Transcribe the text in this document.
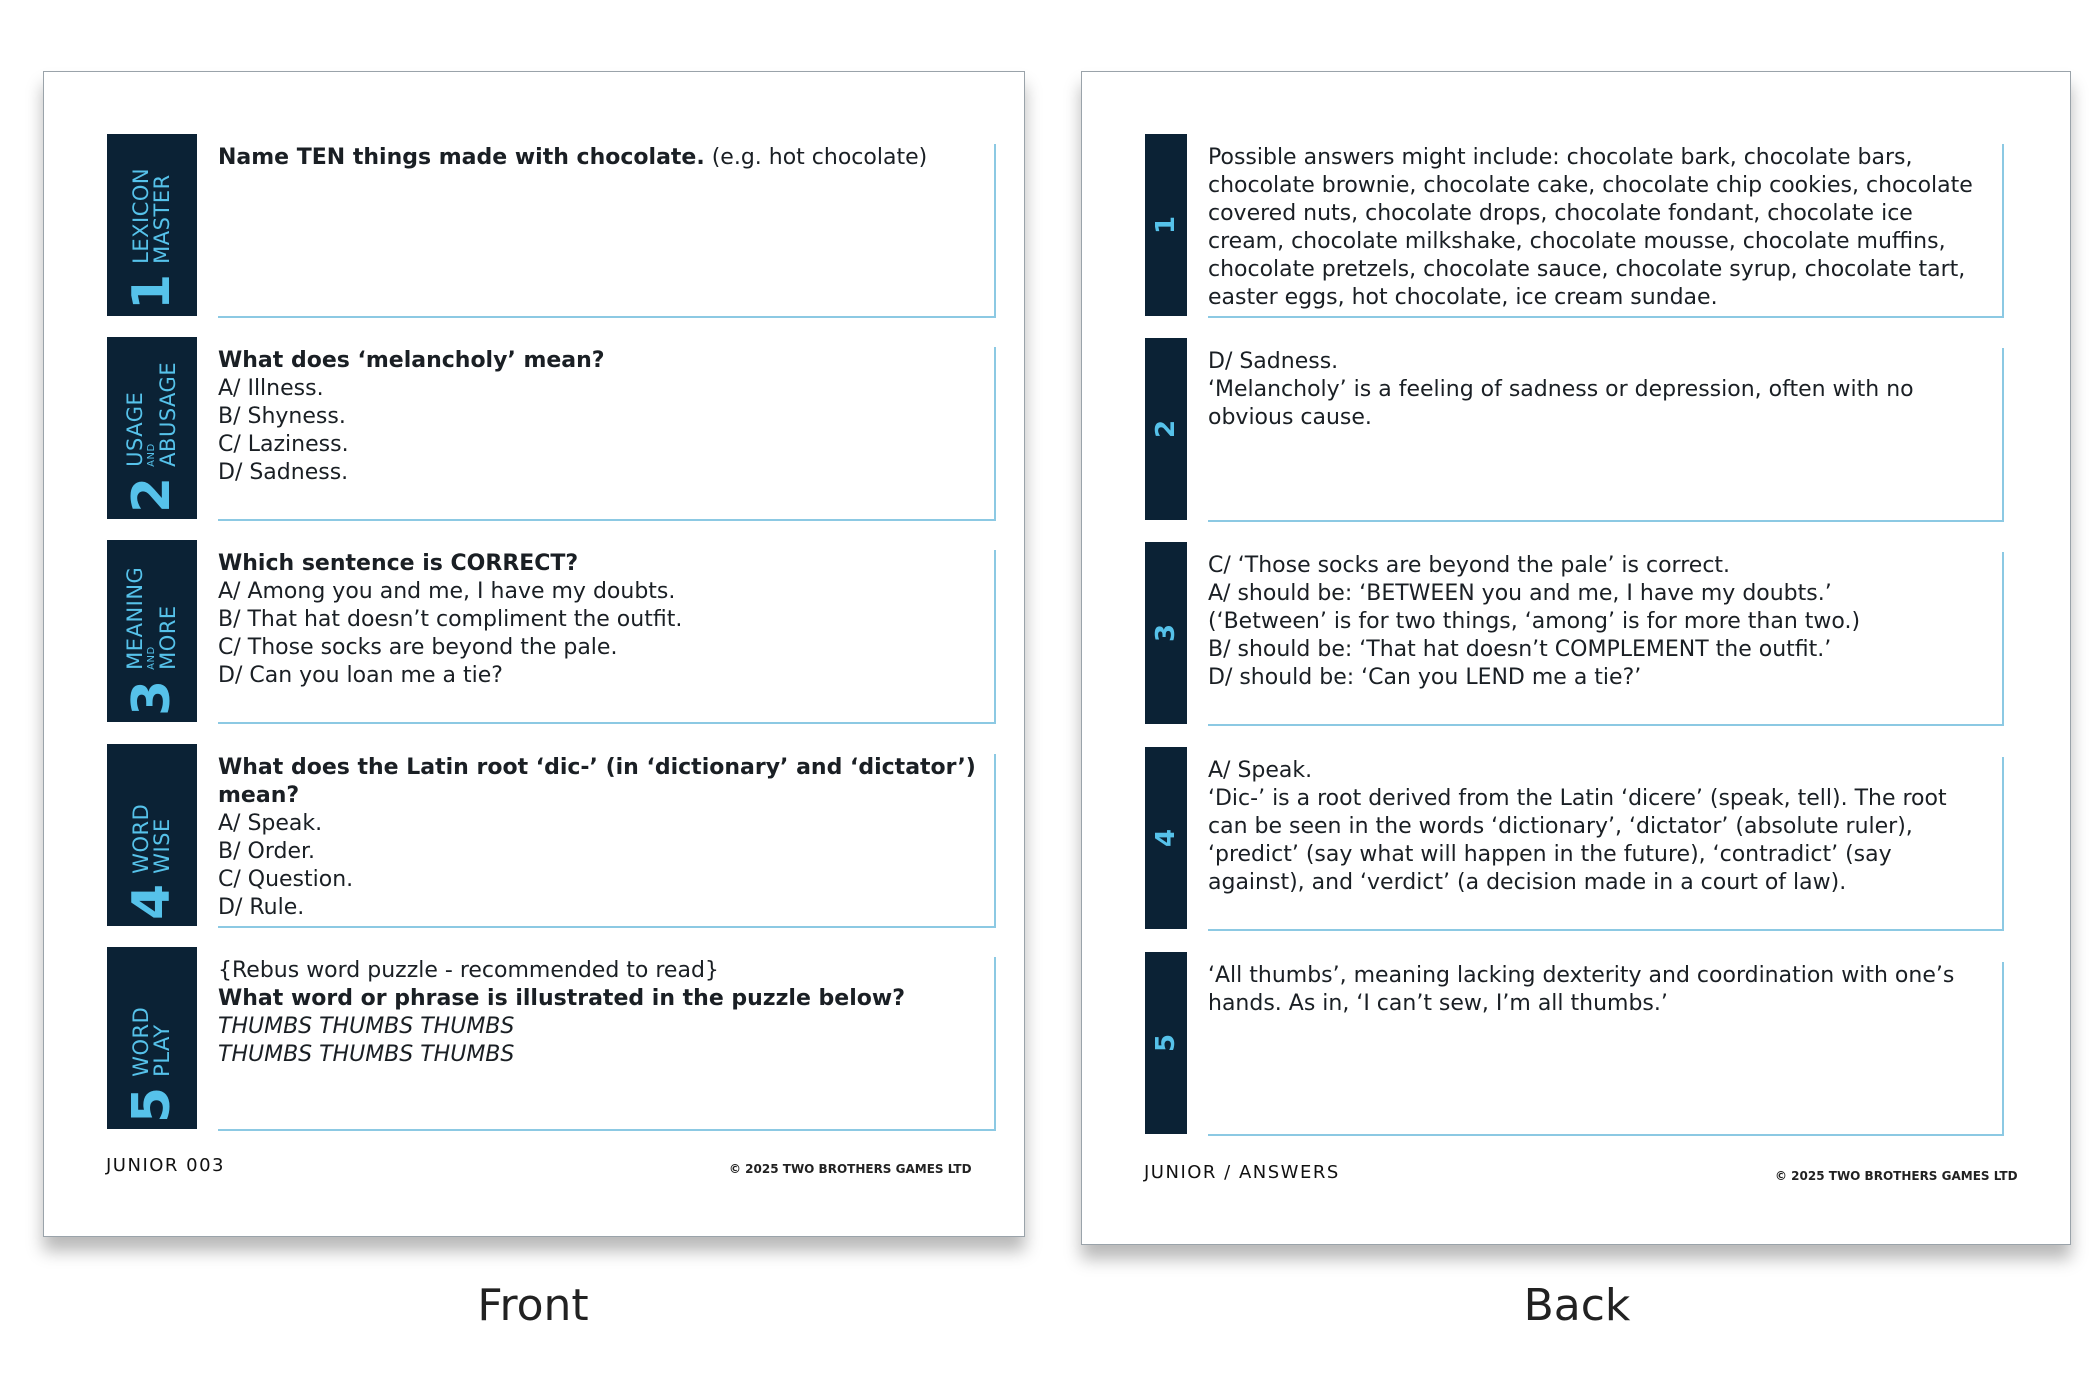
1
LEXICON
MASTER

Name TEN things made with chocolate. (e.g. hot chocolate)

2
USAGE AND ABUSAGE

What does ‘melancholy’ mean?

A/ Illness.

B/ Shyness.

C/ Laziness.

D/ Sadness.

3
MEANING AND MORE

Which sentence is CORRECT?

A/ Among you and me, I have my doubts.

B/ That hat doesn’t compliment the outfit.

C/ Those socks are beyond the pale.

D/ Can you loan me a tie?

4
WORD
WISE

What does the Latin root ‘dic-’ (in ‘dictionary’ and ‘dictator’) mean?

A/ Speak.

B/ Order.

C/ Question.

D/ Rule.

5
WORD
PLAY

{Rebus word puzzle - recommended to read}

What word or phrase is illustrated in the puzzle below?

THUMBS THUMBS THUMBS

THUMBS THUMBS THUMBS

JUNIOR 003	© 2025 TWO BROTHERS GAMES LTD
1

Possible answers might include: chocolate bark, chocolate bars, chocolate brownie, chocolate cake, chocolate chip cookies, chocolate covered nuts, chocolate drops, chocolate fondant, chocolate ice cream, chocolate milkshake, chocolate mousse, chocolate muffins, chocolate pretzels, chocolate sauce, chocolate syrup, chocolate tart, easter eggs, hot chocolate, ice cream sundae.

2

D/ Sadness.

‘Melancholy’ is a feeling of sadness or depression, often with no obvious cause.

3

C/ ‘Those socks are beyond the pale’ is correct.

A/ should be: ‘BETWEEN you and me, I have my doubts.’

(‘Between’ is for two things, ‘among’ is for more than two.)

B/ should be: ‘That hat doesn’t COMPLEMENT the outfit.’

D/ should be: ‘Can you LEND me a tie?’

4

A/ Speak.

‘Dic-’ is a root derived from the Latin ‘dicere’ (speak, tell). The root can be seen in the words ‘dictionary’, ‘dictator’ (absolute ruler), ‘predict’ (say what will happen in the future), ‘contradict’ (say against), and ‘verdict’ (a decision made in a court of law).

5

‘All thumbs’, meaning lacking dexterity and coordination with one’s hands. As in, ‘I can’t sew, I’m all thumbs.’

JUNIOR / ANSWERS	© 2025 TWO BROTHERS GAMES LTD
Front	Back
